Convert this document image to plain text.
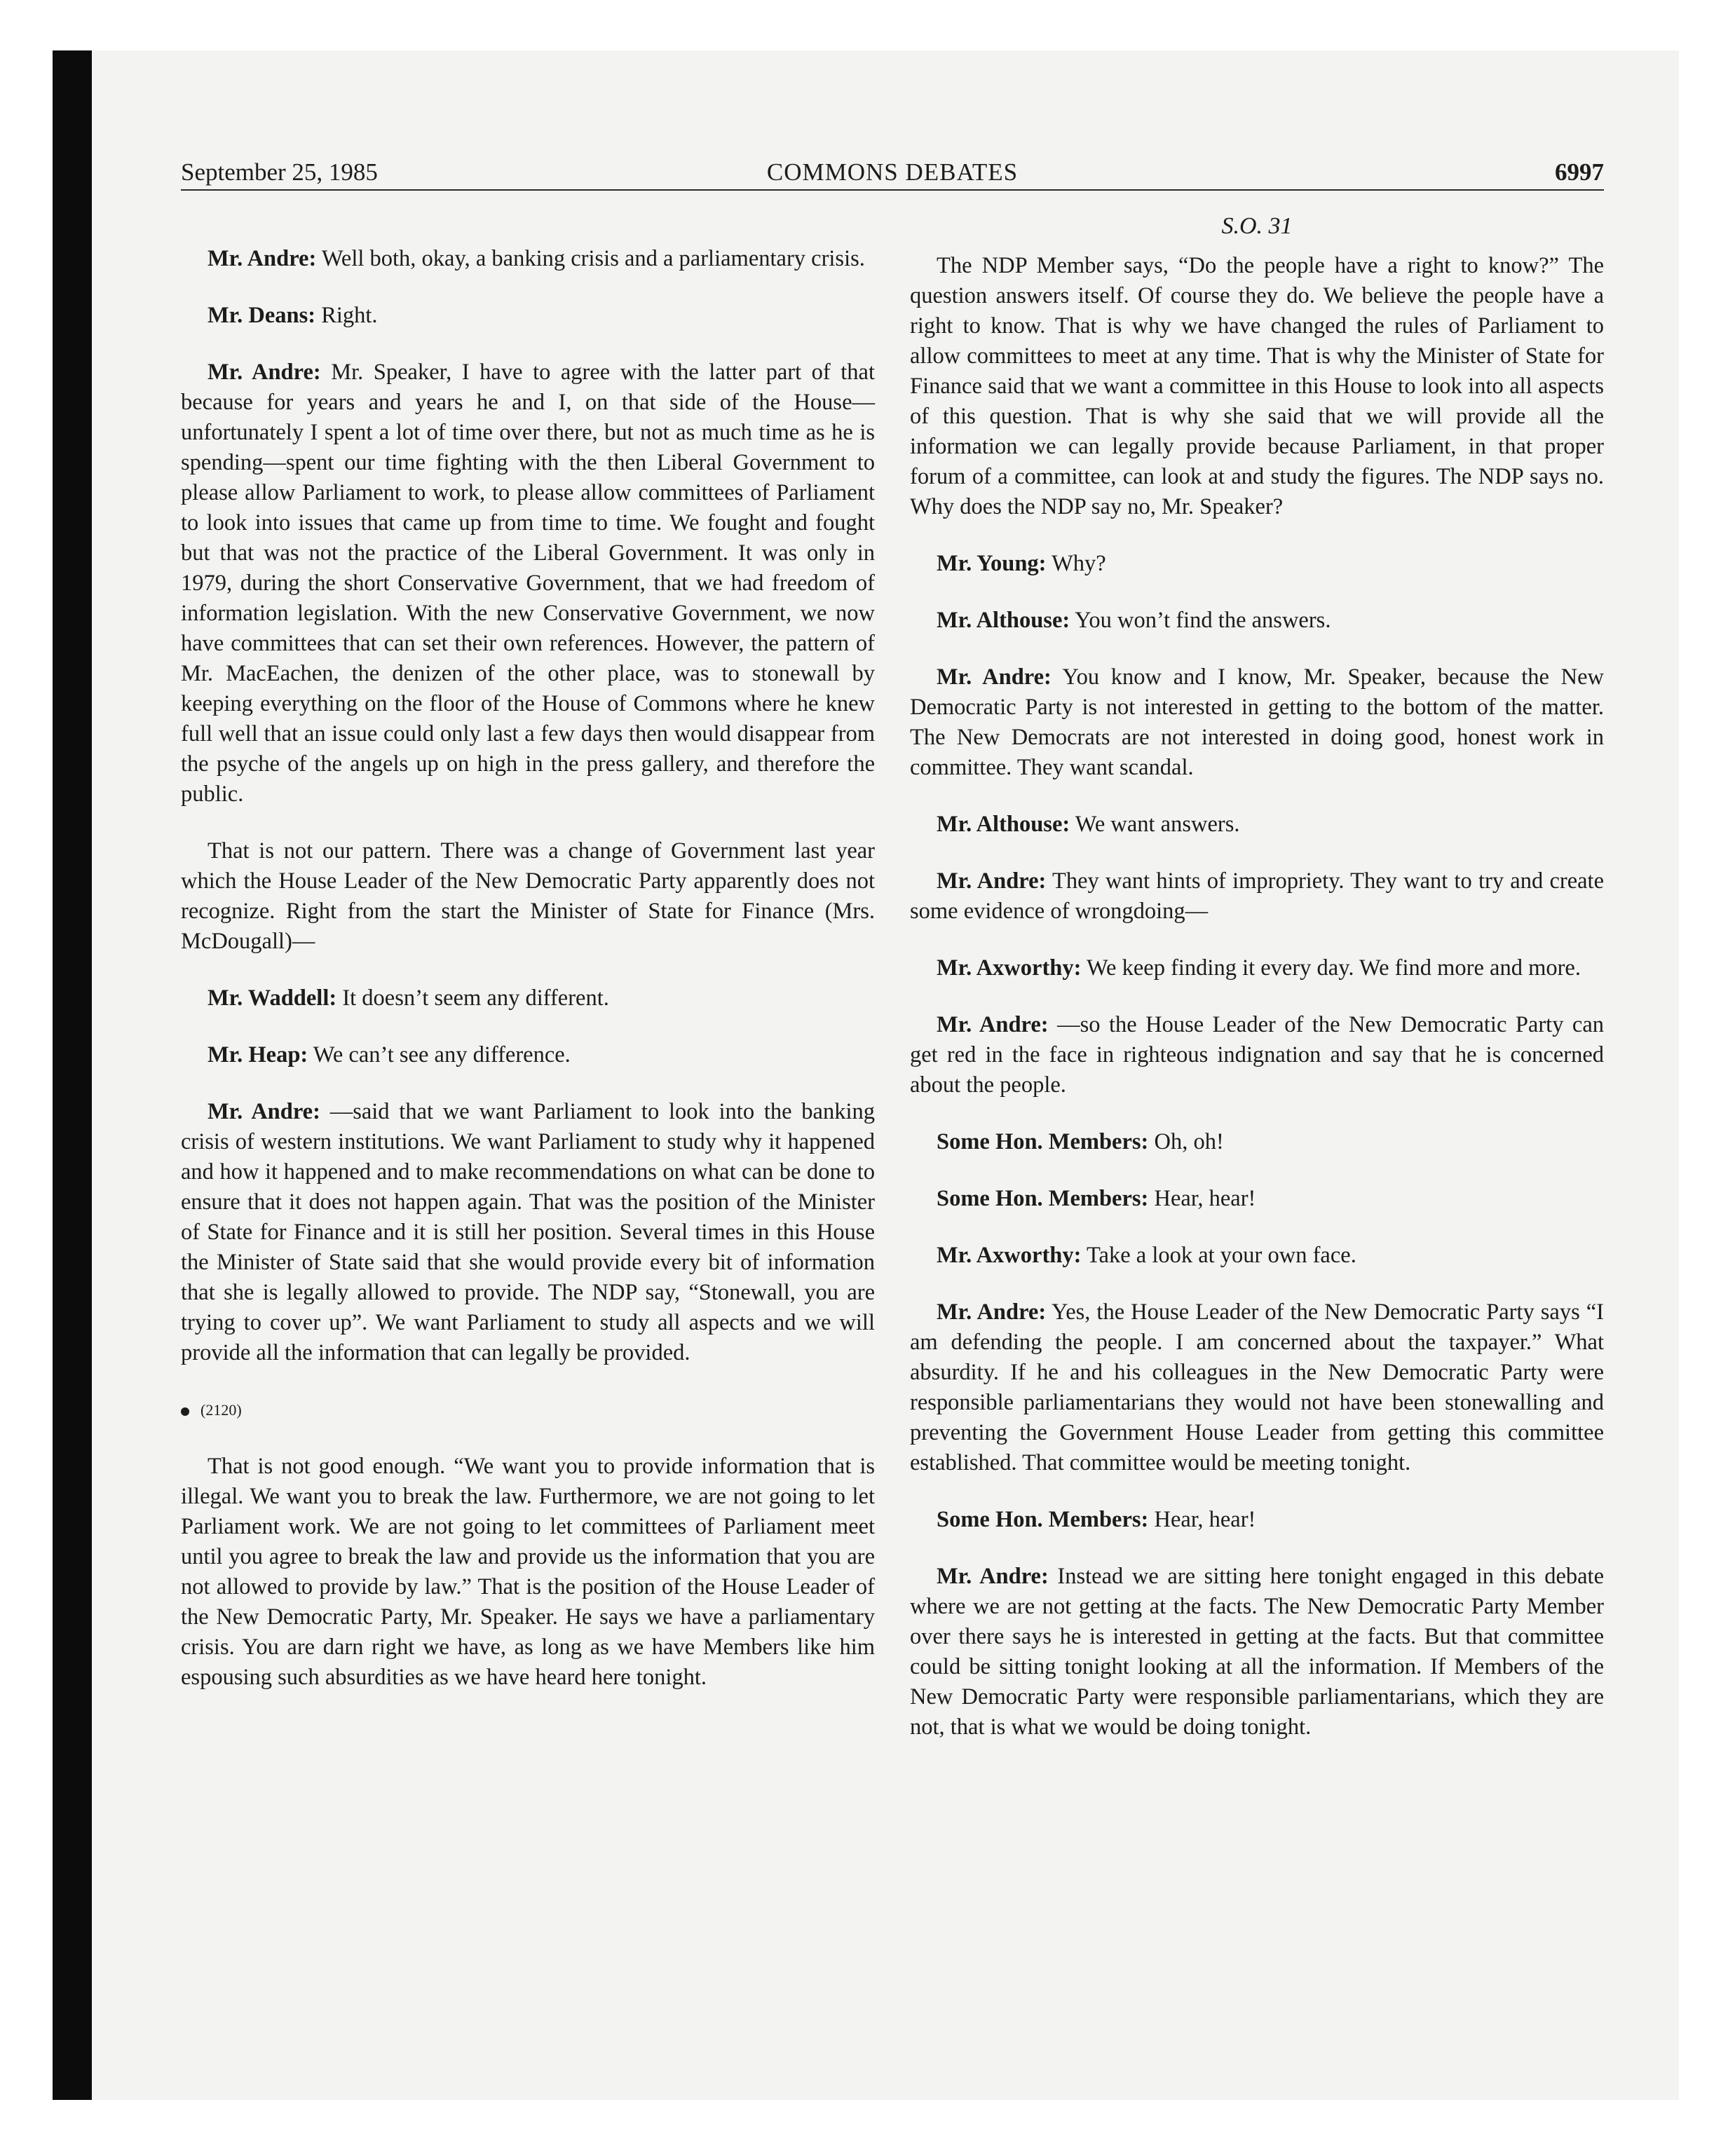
September 25, 1985	COMMONS DEBATES	6997

Mr. Andre: Well both, okay, a banking crisis and a parliamentary crisis.

Mr. Deans: Right.

Mr. Andre: Mr. Speaker, I have to agree with the latter part of that because for years and years he and I, on that side of the House—unfortunately I spent a lot of time over there, but not as much time as he is spending—spent our time fighting with the then Liberal Government to please allow Parliament to work, to please allow committees of Parliament to look into issues that came up from time to time. We fought and fought but that was not the practice of the Liberal Government. It was only in 1979, during the short Conservative Government, that we had freedom of information legislation. With the new Conservative Government, we now have committees that can set their own references. However, the pattern of Mr. MacEachen, the denizen of the other place, was to stonewall by keeping everything on the floor of the House of Commons where he knew full well that an issue could only last a few days then would disappear from the psyche of the angels up on high in the press gallery, and therefore the public.

That is not our pattern. There was a change of Government last year which the House Leader of the New Democratic Party apparently does not recognize. Right from the start the Minister of State for Finance (Mrs. McDougall)—

Mr. Waddell: It doesn’t seem any different.

Mr. Heap: We can’t see any difference.

Mr. Andre: —said that we want Parliament to look into the banking crisis of western institutions. We want Parliament to study why it happened and how it happened and to make recommendations on what can be done to ensure that it does not happen again. That was the position of the Minister of State for Finance and it is still her position. Several times in this House the Minister of State said that she would provide every bit of information that she is legally allowed to provide. The NDP say, “Stonewall, you are trying to cover up”. We want Parliament to study all aspects and we will provide all the information that can legally be provided.

(2120)

That is not good enough. “We want you to provide information that is illegal. We want you to break the law. Furthermore, we are not going to let Parliament work. We are not going to let committees of Parliament meet until you agree to break the law and provide us the information that you are not allowed to provide by law.” That is the position of the House Leader of the New Democratic Party, Mr. Speaker. He says we have a parliamentary crisis. You are darn right we have, as long as we have Members like him espousing such absurdities as we have heard here tonight.

S.O. 31

The NDP Member says, “Do the people have a right to know?” The question answers itself. Of course they do. We believe the people have a right to know. That is why we have changed the rules of Parliament to allow committees to meet at any time. That is why the Minister of State for Finance said that we want a committee in this House to look into all aspects of this question. That is why she said that we will provide all the information we can legally provide because Parliament, in that proper forum of a committee, can look at and study the figures. The NDP says no. Why does the NDP say no, Mr. Speaker?

Mr. Young: Why?

Mr. Althouse: You won’t find the answers.

Mr. Andre: You know and I know, Mr. Speaker, because the New Democratic Party is not interested in getting to the bottom of the matter. The New Democrats are not interested in doing good, honest work in committee. They want scandal.

Mr. Althouse: We want answers.

Mr. Andre: They want hints of impropriety. They want to try and create some evidence of wrongdoing—

Mr. Axworthy: We keep finding it every day. We find more and more.

Mr. Andre: —so the House Leader of the New Democratic Party can get red in the face in righteous indignation and say that he is concerned about the people.

Some Hon. Members: Oh, oh!

Some Hon. Members: Hear, hear!

Mr. Axworthy: Take a look at your own face.

Mr. Andre: Yes, the House Leader of the New Democratic Party says “I am defending the people. I am concerned about the taxpayer.” What absurdity. If he and his colleagues in the New Democratic Party were responsible parliamentarians they would not have been stonewalling and preventing the Government House Leader from getting this committee established. That committee would be meeting tonight.

Some Hon. Members: Hear, hear!

Mr. Andre: Instead we are sitting here tonight engaged in this debate where we are not getting at the facts. The New Democratic Party Member over there says he is interested in getting at the facts. But that committee could be sitting tonight looking at all the information. If Members of the New Democratic Party were responsible parliamentarians, which they are not, that is what we would be doing tonight.
